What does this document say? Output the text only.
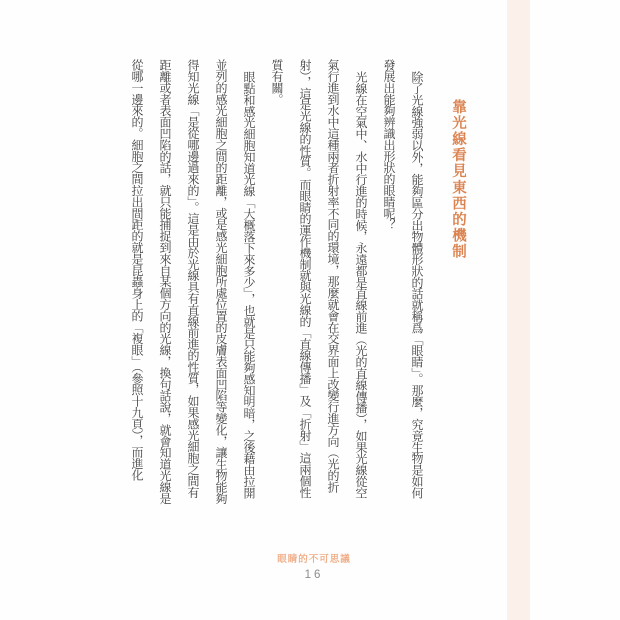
靠光線看見東西的機制

除了光線強弱以外，能夠區分出物體形狀的話就稱爲「眼睛」。那麼，究竟生物是如何發展出能夠辨識出形狀的眼睛呢？

光線在空氣中、水中行進的時候，永遠都是直線前進（光的直線傳播），如果光線從空氣行進到水中這種兩者折射率不同的環境，那麼就會在交界面上改變行進方向（光的折射），這是光線的性質。而眼睛的運作機制就與光線的「直線傳播」及「折射」這兩個性質有關。

眼點和感光細胞知道光線「大概落下來多少」，也就是只能夠感知明暗，之後藉由拉開並列的感光細胞之間的距離，或是感光細胞所處位置的皮膚表面凹陷等變化，讓生物能夠得知光線「是從哪邊過來的」。這是由於光線具有直線前進的性質，如果感光細胞之間有距離或者表面凹陷的話，就只能捕捉到來自某個方向的光線，換句話說，就會知道光線是從哪一邊來的。細胞之間拉出間距的就是昆蟲身上的「複眼」（參照十九頁），而進化

眼睛的不可思議
16
